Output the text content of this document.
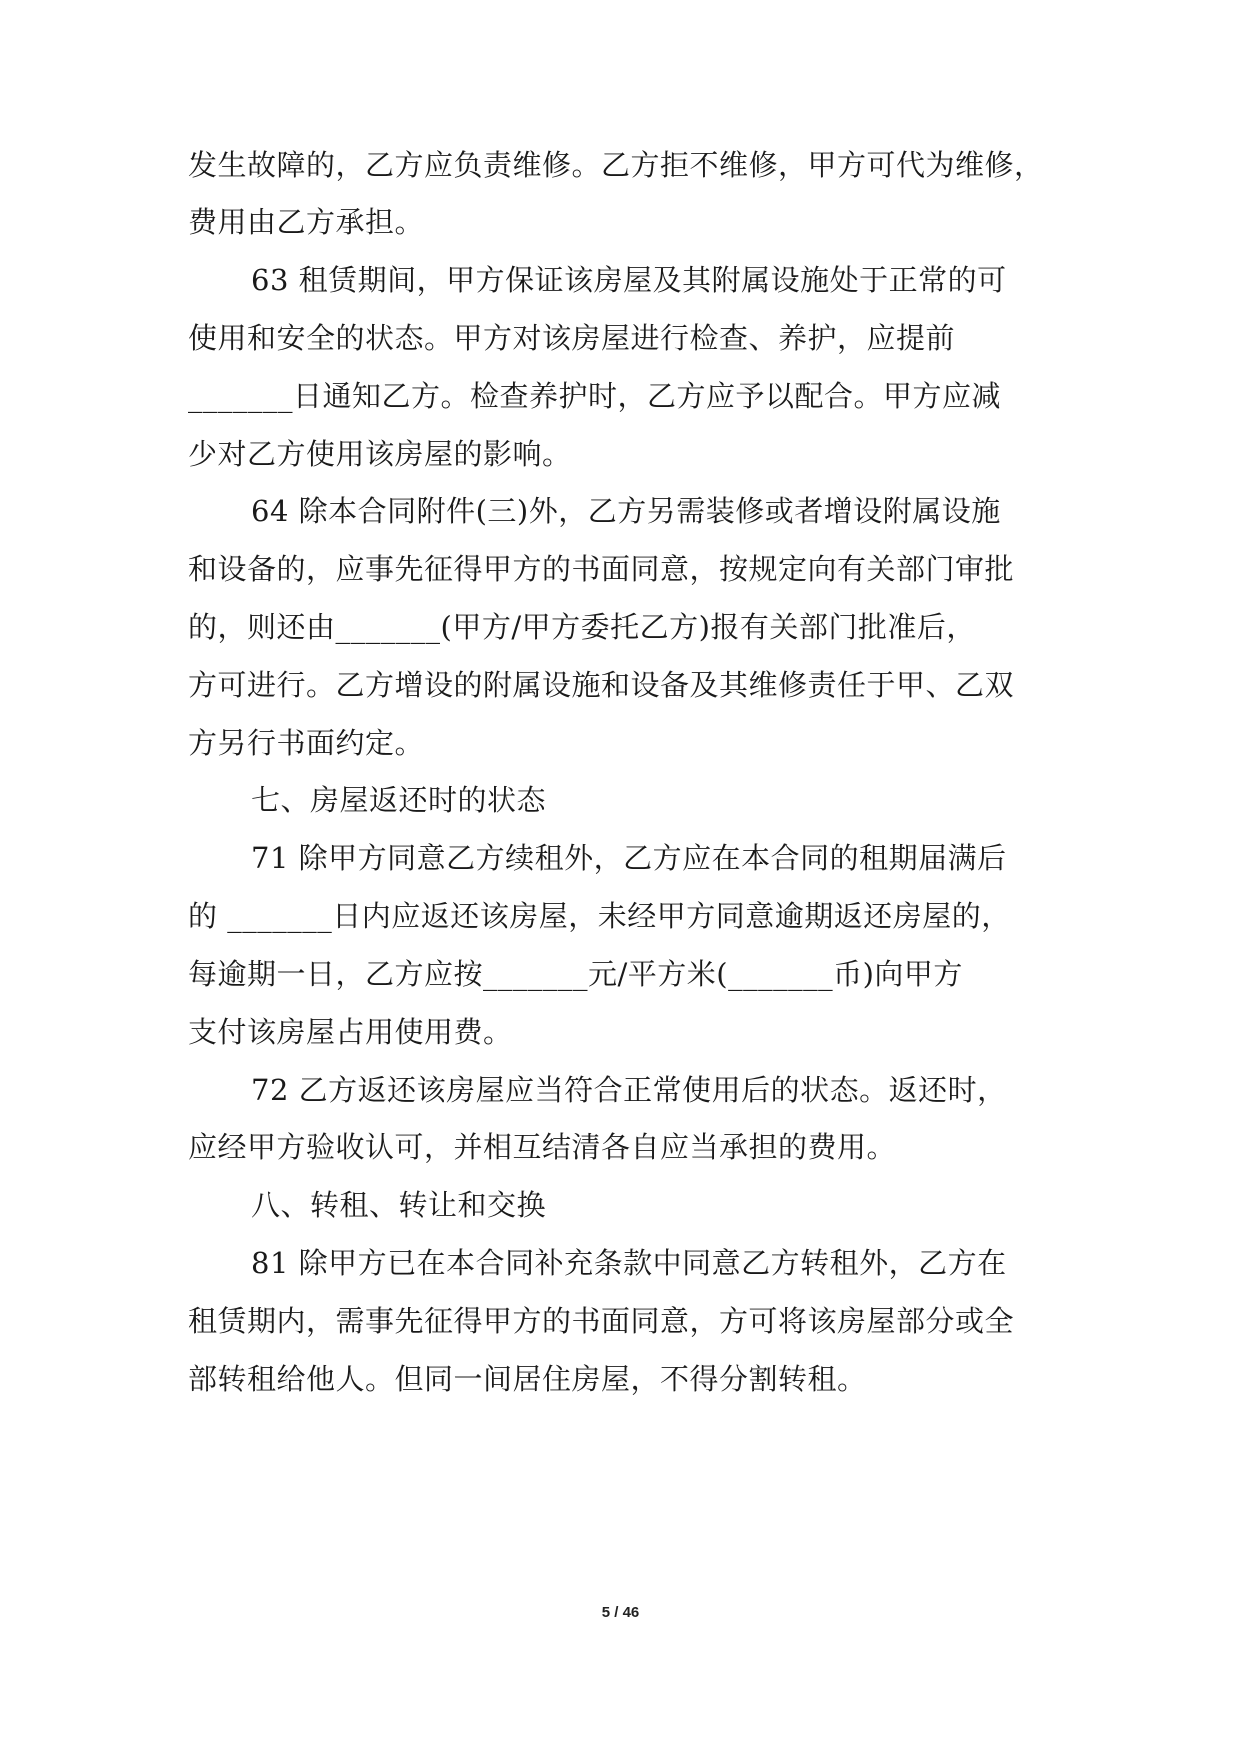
发生故障的，乙方应负责维修。乙方拒不维修，甲方可代为维修，
费用由乙方承担。
63 租赁期间，甲方保证该房屋及其附属设施处于正常的可
使用和安全的状态。甲方对该房屋进行检查、养护，应提前
_______日通知乙方。检查养护时，乙方应予以配合。甲方应减
少对乙方使用该房屋的影响。
64 除本合同附件(三)外，乙方另需装修或者增设附属设施
和设备的，应事先征得甲方的书面同意，按规定向有关部门审批
的，则还由_______(甲方/甲方委托乙方)报有关部门批准后，
方可进行。乙方增设的附属设施和设备及其维修责任于甲、乙双
方另行书面约定。
七、房屋返还时的状态
71 除甲方同意乙方续租外，乙方应在本合同的租期届满后
的 _______日内应返还该房屋，未经甲方同意逾期返还房屋的，
每逾期一日，乙方应按_______元/平方米(_______币)向甲方
支付该房屋占用使用费。
72 乙方返还该房屋应当符合正常使用后的状态。返还时，
应经甲方验收认可，并相互结清各自应当承担的费用。
八、转租、转让和交换
81 除甲方已在本合同补充条款中同意乙方转租外，乙方在
租赁期内，需事先征得甲方的书面同意，方可将该房屋部分或全
部转租给他人。但同一间居住房屋，不得分割转租。
5 / 46
